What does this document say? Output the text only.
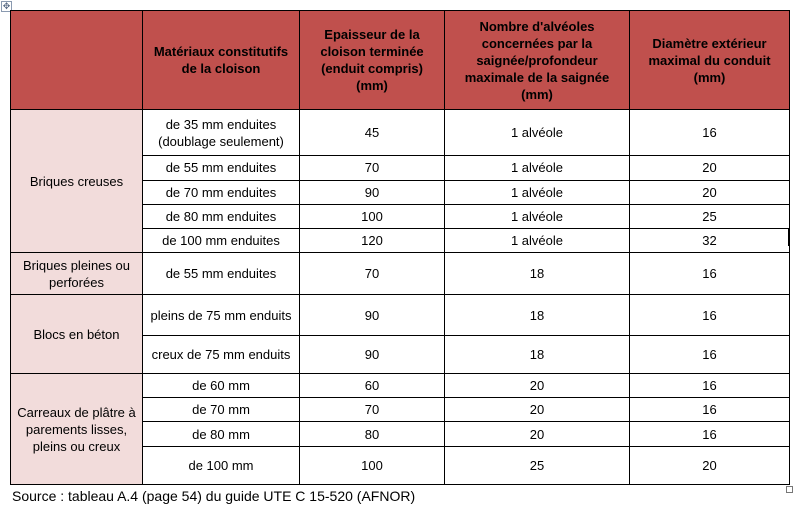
✥
	Matériaux constitutifs de la cloison	Epaisseur de la cloison terminée (enduit compris) (mm)	Nombre d'alvéoles concernées par la saignée/profondeur maximale de la saignée (mm)	Diamètre extérieur maximal du conduit (mm)
Briques creuses	de 35 mm enduites (doublage seulement)	45	1 alvéole	16
	de 55 mm enduites	70	1 alvéole	20
	de 70 mm enduites	90	1 alvéole	20
	de 80 mm enduites	100	1 alvéole	25
	de 100 mm enduites	120	1 alvéole	32
Briques pleines ou perforées	de 55 mm enduites	70	18	16
Blocs en béton	pleins de 75 mm enduits	90	18	16
	creux de 75 mm enduits	90	18	16
Carreaux de plâtre à parements lisses, pleins ou creux	de 60 mm	60	20	16
	de 70 mm	70	20	16
	de 80 mm	80	20	16
	de 100 mm	100	25	20
Source : tableau A.4 (page 54) du guide UTE C 15-520 (AFNOR)
